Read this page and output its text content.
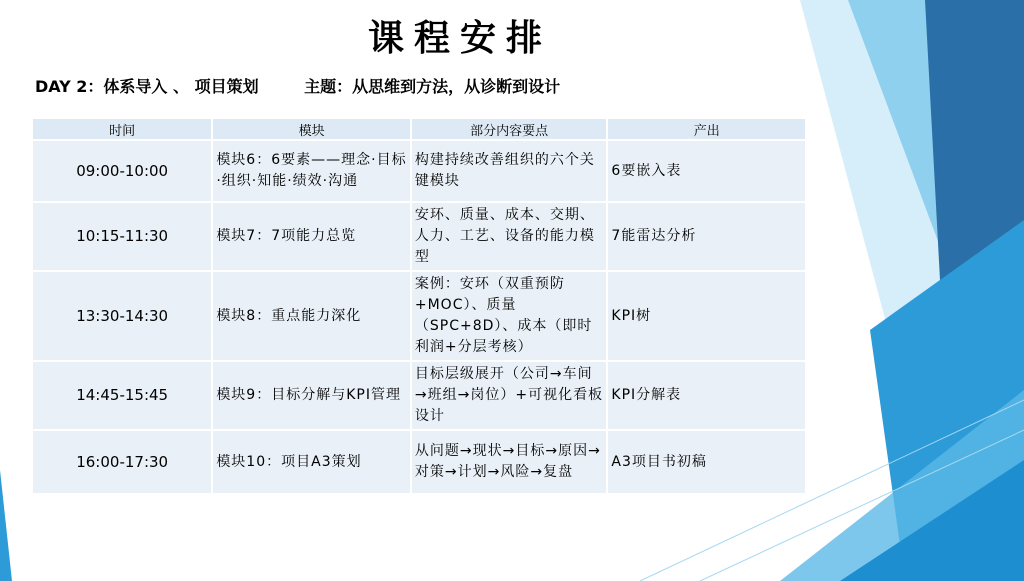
课程安排
DAY 2：体系导入 、 项目策划	主题：从思维到方法，从诊断到设计
时间	模块	部分内容要点	产出
09:00-10:00	模块6：6要素——理念·目标·组织·知能·绩效·沟通	构建持续改善组织的六个关键模块	6要嵌入表
10:15-11:30	模块7：7项能力总览	安环、质量、成本、交期、人力、工艺、设备的能力模型	7能雷达分析
13:30-14:30	模块8：重点能力深化	案例：安环（双重预防+MOC）、质量（SPC+8D）、成本（即时利润+分层考核）	KPI树
14:45-15:45	模块9：目标分解与KPI管理	目标层级展开（公司→车间→班组→岗位）+可视化看板设计	KPI分解表
16:00-17:30	模块10：项目A3策划	从问题→现状→目标→原因→对策→计划→风险→复盘	A3项目书初稿
